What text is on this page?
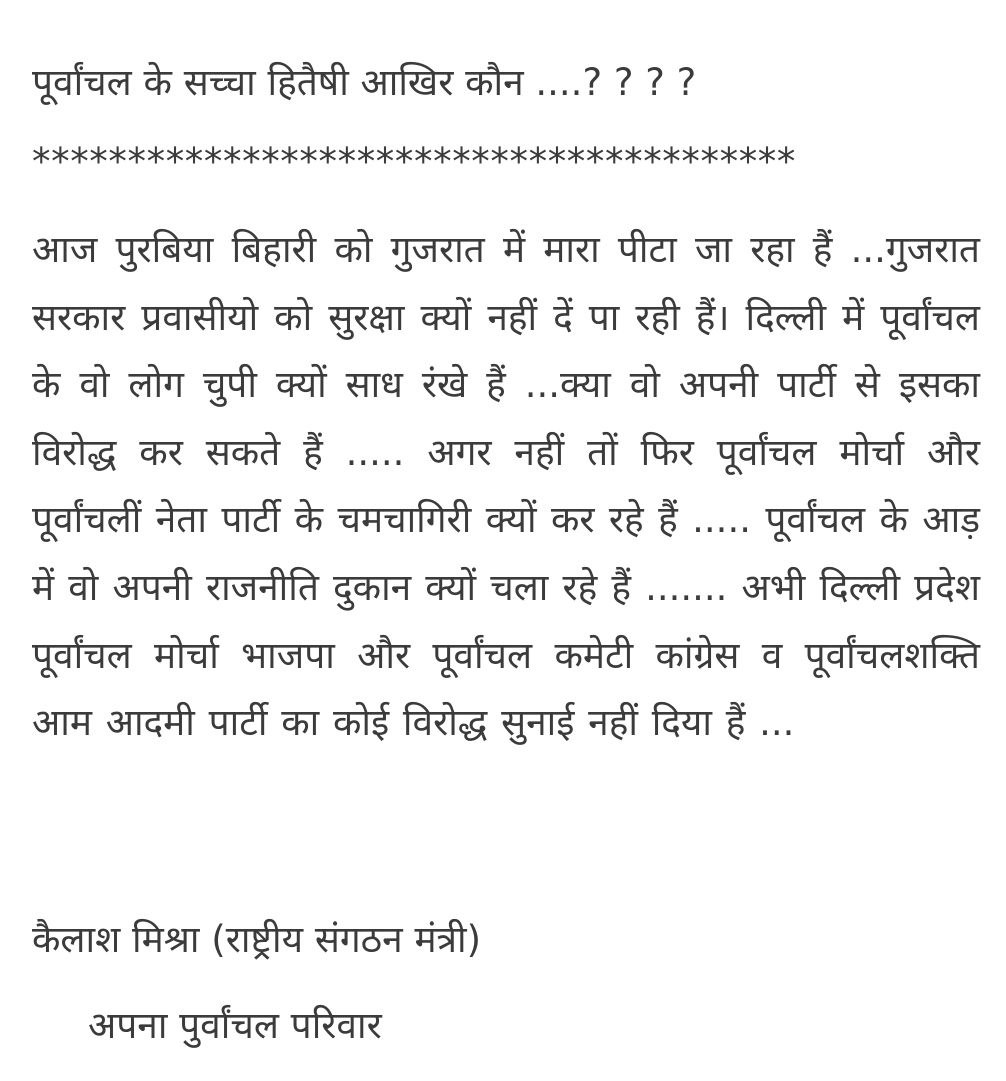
पूर्वांचल के सच्चा हितैषी आखिर कौन ....? ? ? ?
****************************************
आज पुरबिया बिहारी को गुजरात में मारा पीटा जा रहा हैं ...गुजरात सरकार प्रवासीयो को सुरक्षा क्यों नहीं दें पा रही हैं। दिल्ली में पूर्वांचल के वो लोग चुपी क्यों साध रंखे हैं ...क्या वो अपनी पार्टी से इसका विरोद्ध कर सकते हैं ..... अगर नहीं तों फिर पूर्वांचल मोर्चा और पूर्वांचलीं नेता पार्टी के चमचागिरी क्यों कर रहे हैं ..... पूर्वांचल के आड़ में वो अपनी राजनीति दुकान क्यों चला रहे हैं ....... अभी दिल्ली प्रदेश पूर्वांचल मोर्चा भाजपा और पूर्वांचल कमेटी कांग्रेस व पूर्वांचलशक्ति आम आदमी पार्टी का कोई विरोद्ध सुनाई नहीं दिया हैं ...
कैलाश मिश्रा (राष्ट्रीय संगठन मंत्री)
अपना पुर्वांचल परिवार
